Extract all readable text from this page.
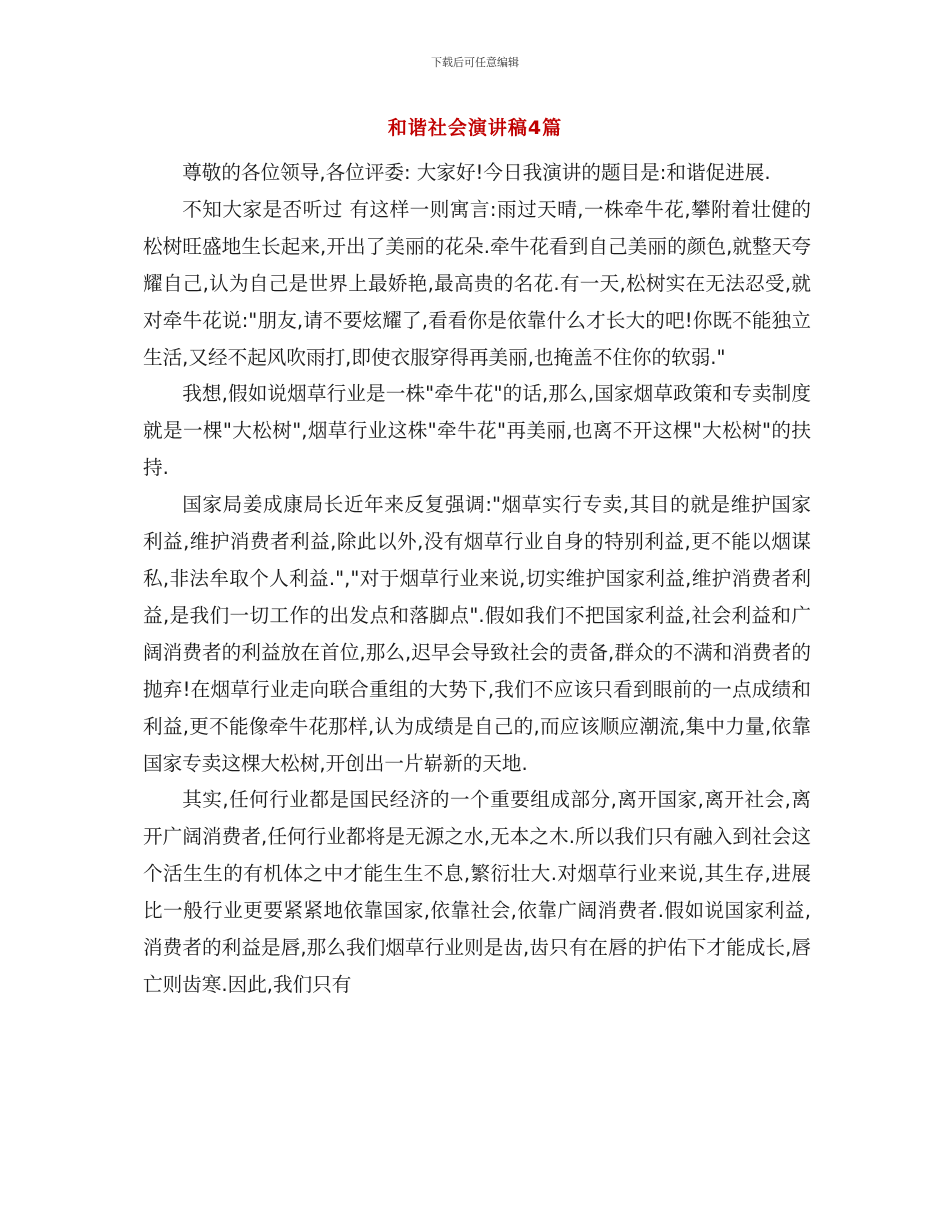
下载后可任意编辑
和谐社会演讲稿4篇

尊敬的各位领导,各位评委: 大家好!今日我演讲的题目是:和谐促进展.

不知大家是否听过 有这样一则寓言:雨过天晴,一株牵牛花,攀附着壮健的松树旺盛地生长起来,开出了美丽的花朵.牵牛花看到自己美丽的颜色,就整天夸耀自己,认为自己是世界上最娇艳,最高贵的名花.有一天,松树实在无法忍受,就对牵牛花说:"朋友,请不要炫耀了,看看你是依靠什么才长大的吧!你既不能独立生活,又经不起风吹雨打,即使衣服穿得再美丽,也掩盖不住你的软弱."

我想,假如说烟草行业是一株"牵牛花"的话,那么,国家烟草政策和专卖制度就是一棵"大松树",烟草行业这株"牵牛花"再美丽,也离不开这棵"大松树"的扶持.

国家局姜成康局长近年来反复强调:"烟草实行专卖,其目的就是维护国家利益,维护消费者利益,除此以外,没有烟草行业自身的特别利益,更不能以烟谋私,非法牟取个人利益.","对于烟草行业来说,切实维护国家利益,维护消费者利益,是我们一切工作的出发点和落脚点".假如我们不把国家利益,社会利益和广阔消费者的利益放在首位,那么,迟早会导致社会的责备,群众的不满和消费者的抛弃!在烟草行业走向联合重组的大势下,我们不应该只看到眼前的一点成绩和利益,更不能像牵牛花那样,认为成绩是自己的,而应该顺应潮流,集中力量,依靠国家专卖这棵大松树,开创出一片崭新的天地.

其实,任何行业都是国民经济的一个重要组成部分,离开国家,离开社会,离开广阔消费者,任何行业都将是无源之水,无本之木.所以我们只有融入到社会这个活生生的有机体之中才能生生不息,繁衍壮大.对烟草行业来说,其生存,进展比一般行业更要紧紧地依靠国家,依靠社会,依靠广阔消费者.假如说国家利益,消费者的利益是唇,那么我们烟草行业则是齿,齿只有在唇的护佑下才能成长,唇亡则齿寒.因此,我们只有
